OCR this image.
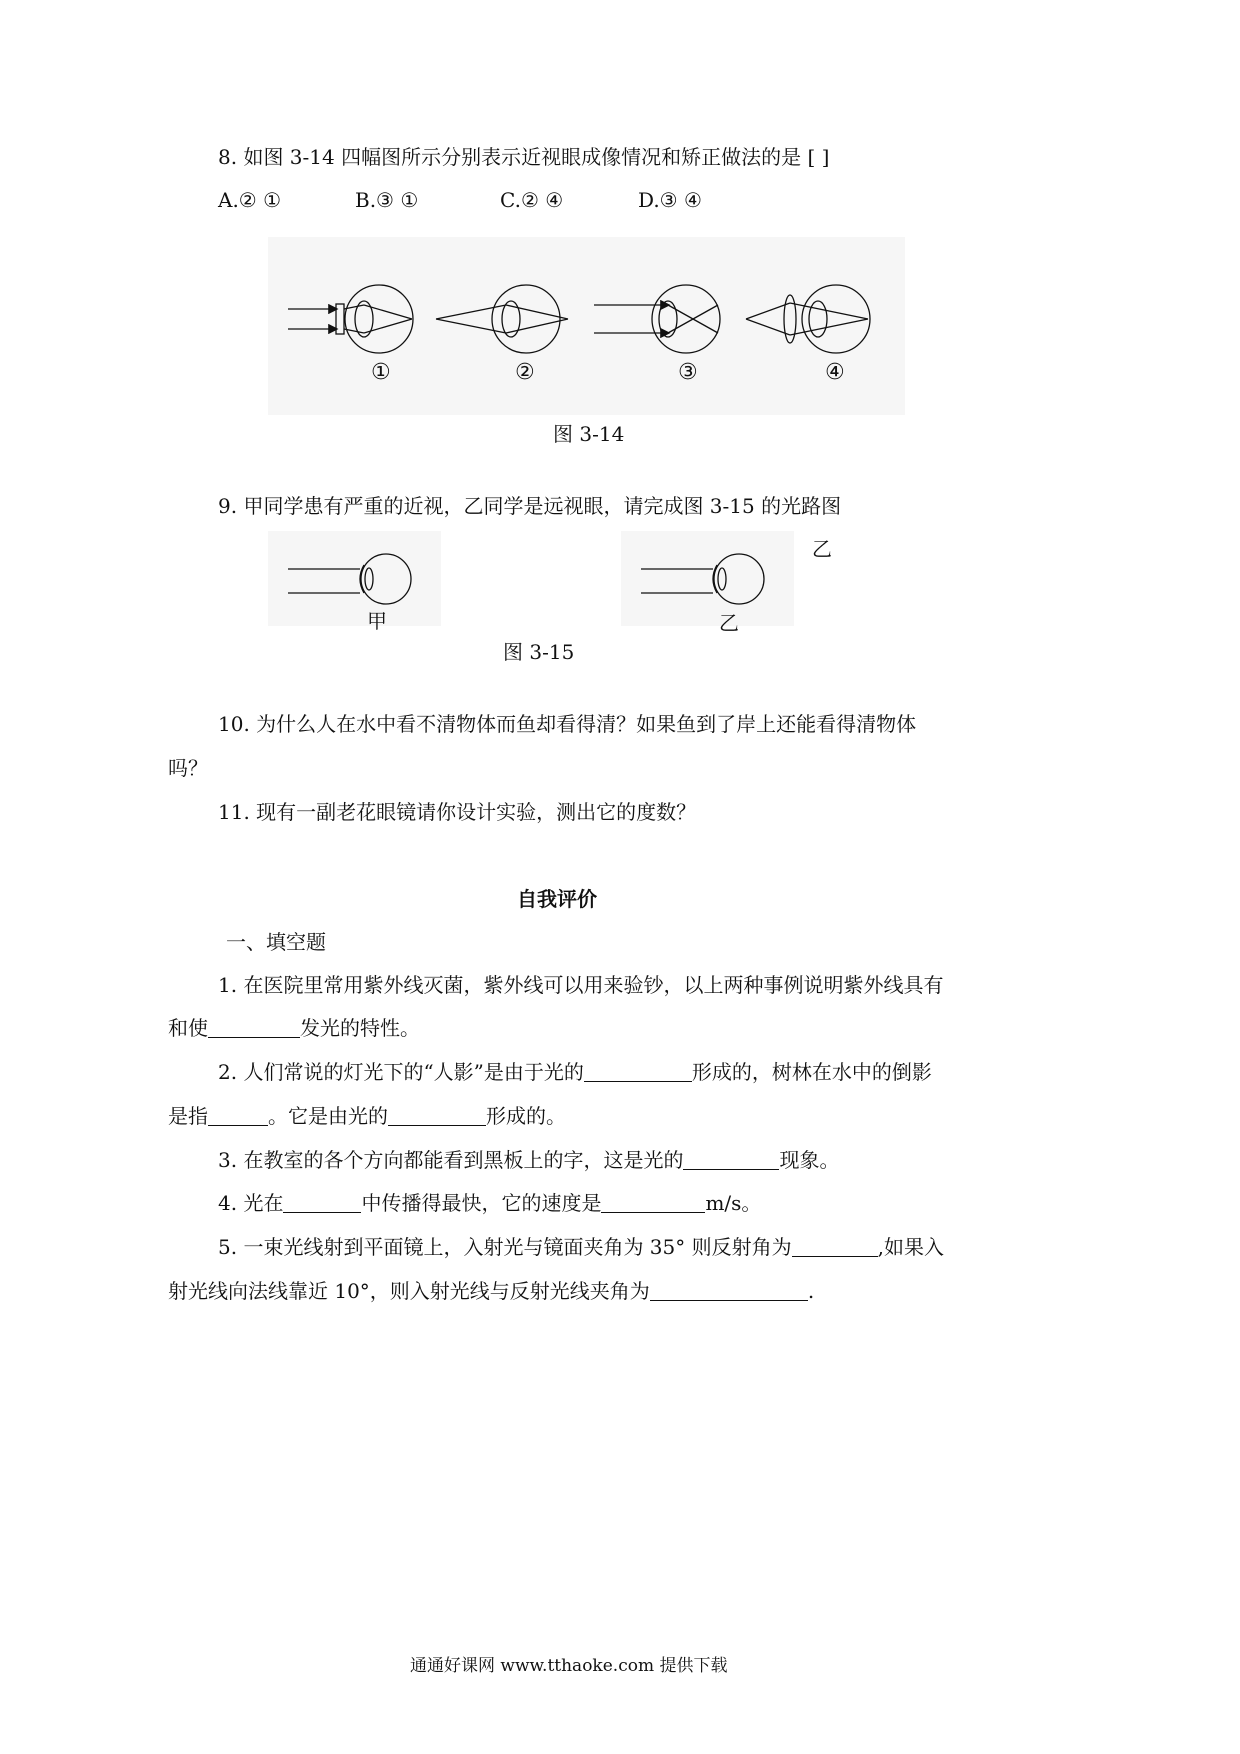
8. 如图 3-14 四幅图所示分别表示近视眼成像情况和矫正做法的是 [ ]
A.② ①	B.③ ①	C.② ④	D.③ ④
①	②	③	④
图 3-14
9. 甲同学患有严重的近视，乙同学是远视眼，请完成图 3-15 的光路图
甲	乙
乙
图 3-15
10. 为什么人在水中看不清物体而鱼却看得清？如果鱼到了岸上还能看得清物体
吗？
11. 现有一副老花眼镜请你设计实验，测出它的度数？
自我评价
一、填空题
1. 在医院里常用紫外线灭菌，紫外线可以用来验钞，以上两种事例说明紫外线具有
和使	发光的特性。
2. 人们常说的灯光下的“人影”是由于光的	形成的，树林在水中的倒影
是指	。它是由光的	形成的。
3. 在教室的各个方向都能看到黑板上的字，这是光的	现象。
4. 光在	中传播得最快，它的速度是	m/s。
5. 一束光线射到平面镜上，入射光与镜面夹角为 35° 则反射角为	,如果入
射光线向法线靠近 10°，则入射光线与反射光线夹角为	.
通通好课网 www.tthaoke.com 提供下载
